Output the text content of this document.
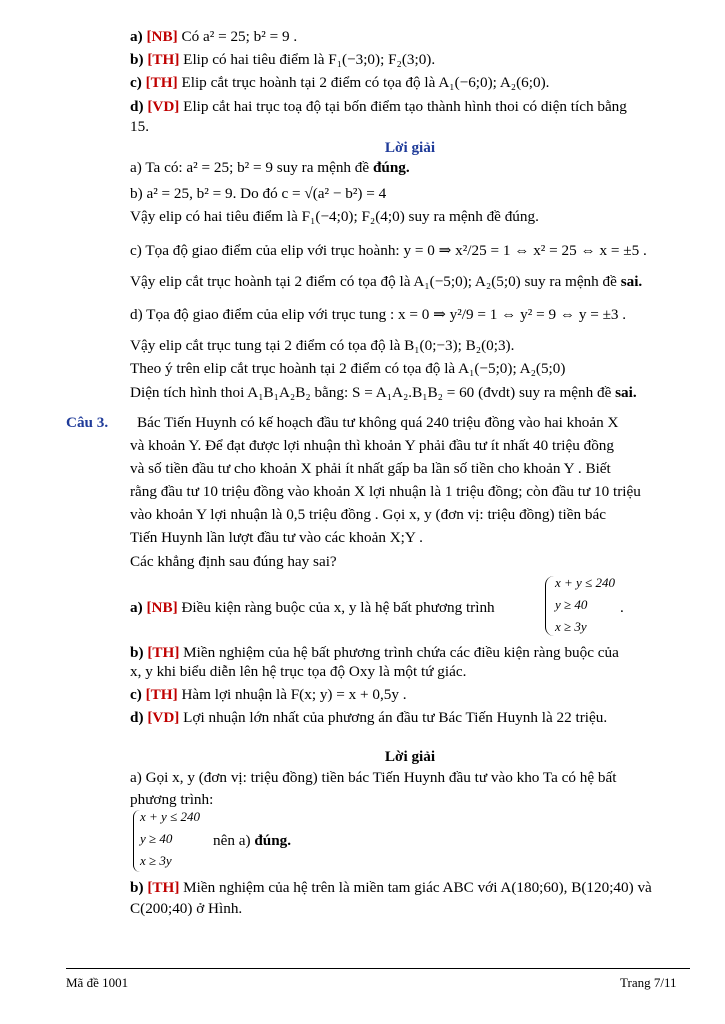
a) [NB] Có a² = 25; b² = 9 .
b) [TH] Elip có hai tiêu điểm là F₁(−3;0); F₂(3;0).
c) [TH] Elip cắt trục hoành tại 2 điểm có tọa độ là A₁(−6;0); A₂(6;0).
d) [VD] Elip cắt hai trục toạ độ tại bốn điểm tạo thành hình thoi có diện tích bằng
15.
Lời giải
a) Ta có: a² = 25; b² = 9 suy ra mệnh đề đúng.
b) a² = 25, b² = 9. Do đó c = √(a² − b²) = 4
Vậy elip có hai tiêu điểm là F₁(−4;0); F₂(4;0) suy ra mệnh đề đúng.
c) Tọa độ giao điểm của elip với trục hoành: y = 0 ⇒ x²/25 = 1 ⇔ x² = 25 ⇔ x = ±5 .
Vậy elip cắt trục hoành tại 2 điểm có tọa độ là A₁(−5;0); A₂(5;0) suy ra mệnh đề sai.
d) Tọa độ giao điểm của elip với trục tung : x = 0 ⇒ y²/9 = 1 ⇔ y² = 9 ⇔ y = ±3 .
Vậy elip cắt trục tung tại 2 điểm có tọa độ là B₁(0;−3); B₂(0;3).
Theo ý trên elip cắt trục hoành tại 2 điểm có tọa độ là A₁(−5;0); A₂(5;0)
Diện tích hình thoi A₁B₁A₂B₂ bằng: S = A₁A₂.B₁B₂ = 60 (đvdt) suy ra mệnh đề sai.
Câu 3. Bác Tiến Huynh có kế hoạch đầu tư không quá 240 triệu đồng vào hai khoản X
và khoản Y. Để đạt được lợi nhuận thì khoản Y phải đầu tư ít nhất 40 triệu đồng
và số tiền đầu tư cho khoản X phải ít nhất gấp ba lần số tiền cho khoản Y . Biết
rằng đầu tư 10 triệu đồng vào khoản X lợi nhuận là 1 triệu đồng; còn đầu tư 10 triệu
vào khoản Y lợi nhuận là 0,5 triệu đồng . Gọi x, y (đơn vị: triệu đồng) tiền bác
Tiến Huynh lần lượt đầu tư vào các khoản X;Y .
Các khẳng định sau đúng hay sai?
a) [NB] Điều kiện ràng buộc của x, y là hệ bất phương trình
x + y ≤ 240
y ≥ 40
x ≥ 3y
.
b) [TH] Miền nghiệm của hệ bất phương trình chứa các điều kiện ràng buộc của
x, y khi biểu diễn lên hệ trục tọa độ Oxy là một tứ giác.
c) [TH] Hàm lợi nhuận là F(x; y) = x + 0,5y .
d) [VD] Lợi nhuận lớn nhất của phương án đầu tư Bác Tiến Huynh là 22 triệu.
Lời giải
a) Gọi x, y (đơn vị: triệu đồng) tiền bác Tiến Huynh đầu tư vào kho Ta có hệ bất
phương trình:
x + y ≤ 240
y ≥ 40
x ≥ 3y
nên a) đúng.
b) [TH] Miền nghiệm của hệ trên là miền tam giác ABC với A(180;60), B(120;40) và
C(200;40) ở Hình.
Mã đề 1001	Trang 7/11
